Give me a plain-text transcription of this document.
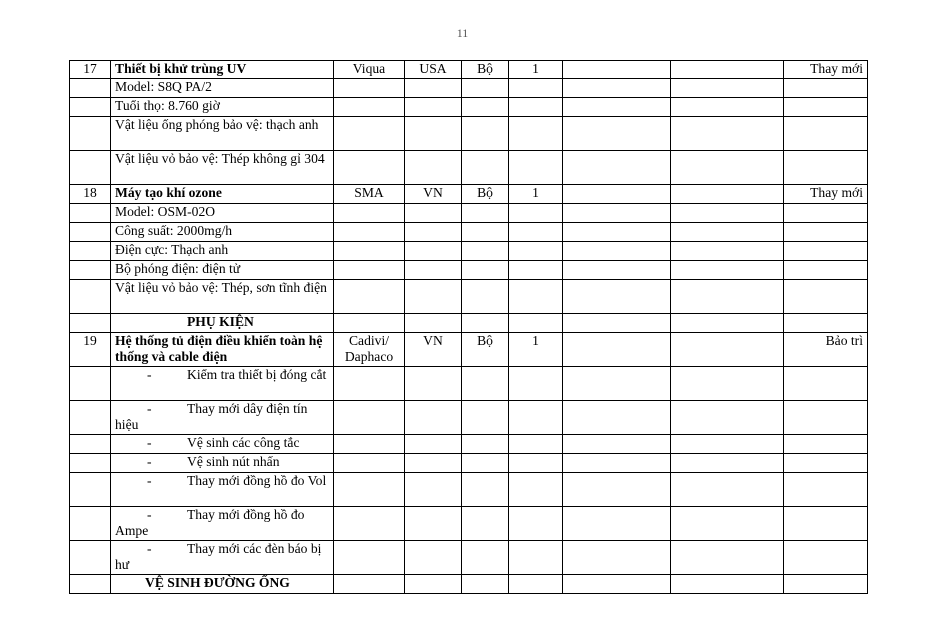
11
17	Thiết bị khử trùng UV	Viqua	USA	Bộ	1			Thay mới
	Model: S8Q PA/2							
	Tuổi thọ: 8.760 giờ							
	Vật liệu ống phóng bảo vệ: thạch anh							
	Vật liệu vỏ bảo vệ: Thép không gỉ 304							
18	Máy tạo khí ozone	SMA	VN	Bộ	1			Thay mới
	Model: OSM-02O							
	Công suất: 2000mg/h							
	Điện cực: Thạch anh							
	Bộ phóng điện: điện tử							
	Vật liệu vỏ bảo vệ: Thép, sơn tĩnh điện							
	PHỤ KIỆN							
19	Hệ thống tủ điện điều khiển toàn hệ thống và cable điện	Cadivi/ Daphaco	VN	Bộ	1			Bảo trì
	- Kiểm tra thiết bị đóng cắt							
	- Thay mới dây điện tín hiệu							
	- Vệ sinh các công tắc							
	- Vệ sinh nút nhấn							
	- Thay mới đồng hồ đo Vol							
	- Thay mới đồng hồ đo Ampe							
	- Thay mới các đèn báo bị hư							
	VỆ SINH ĐƯỜNG ỐNG							
